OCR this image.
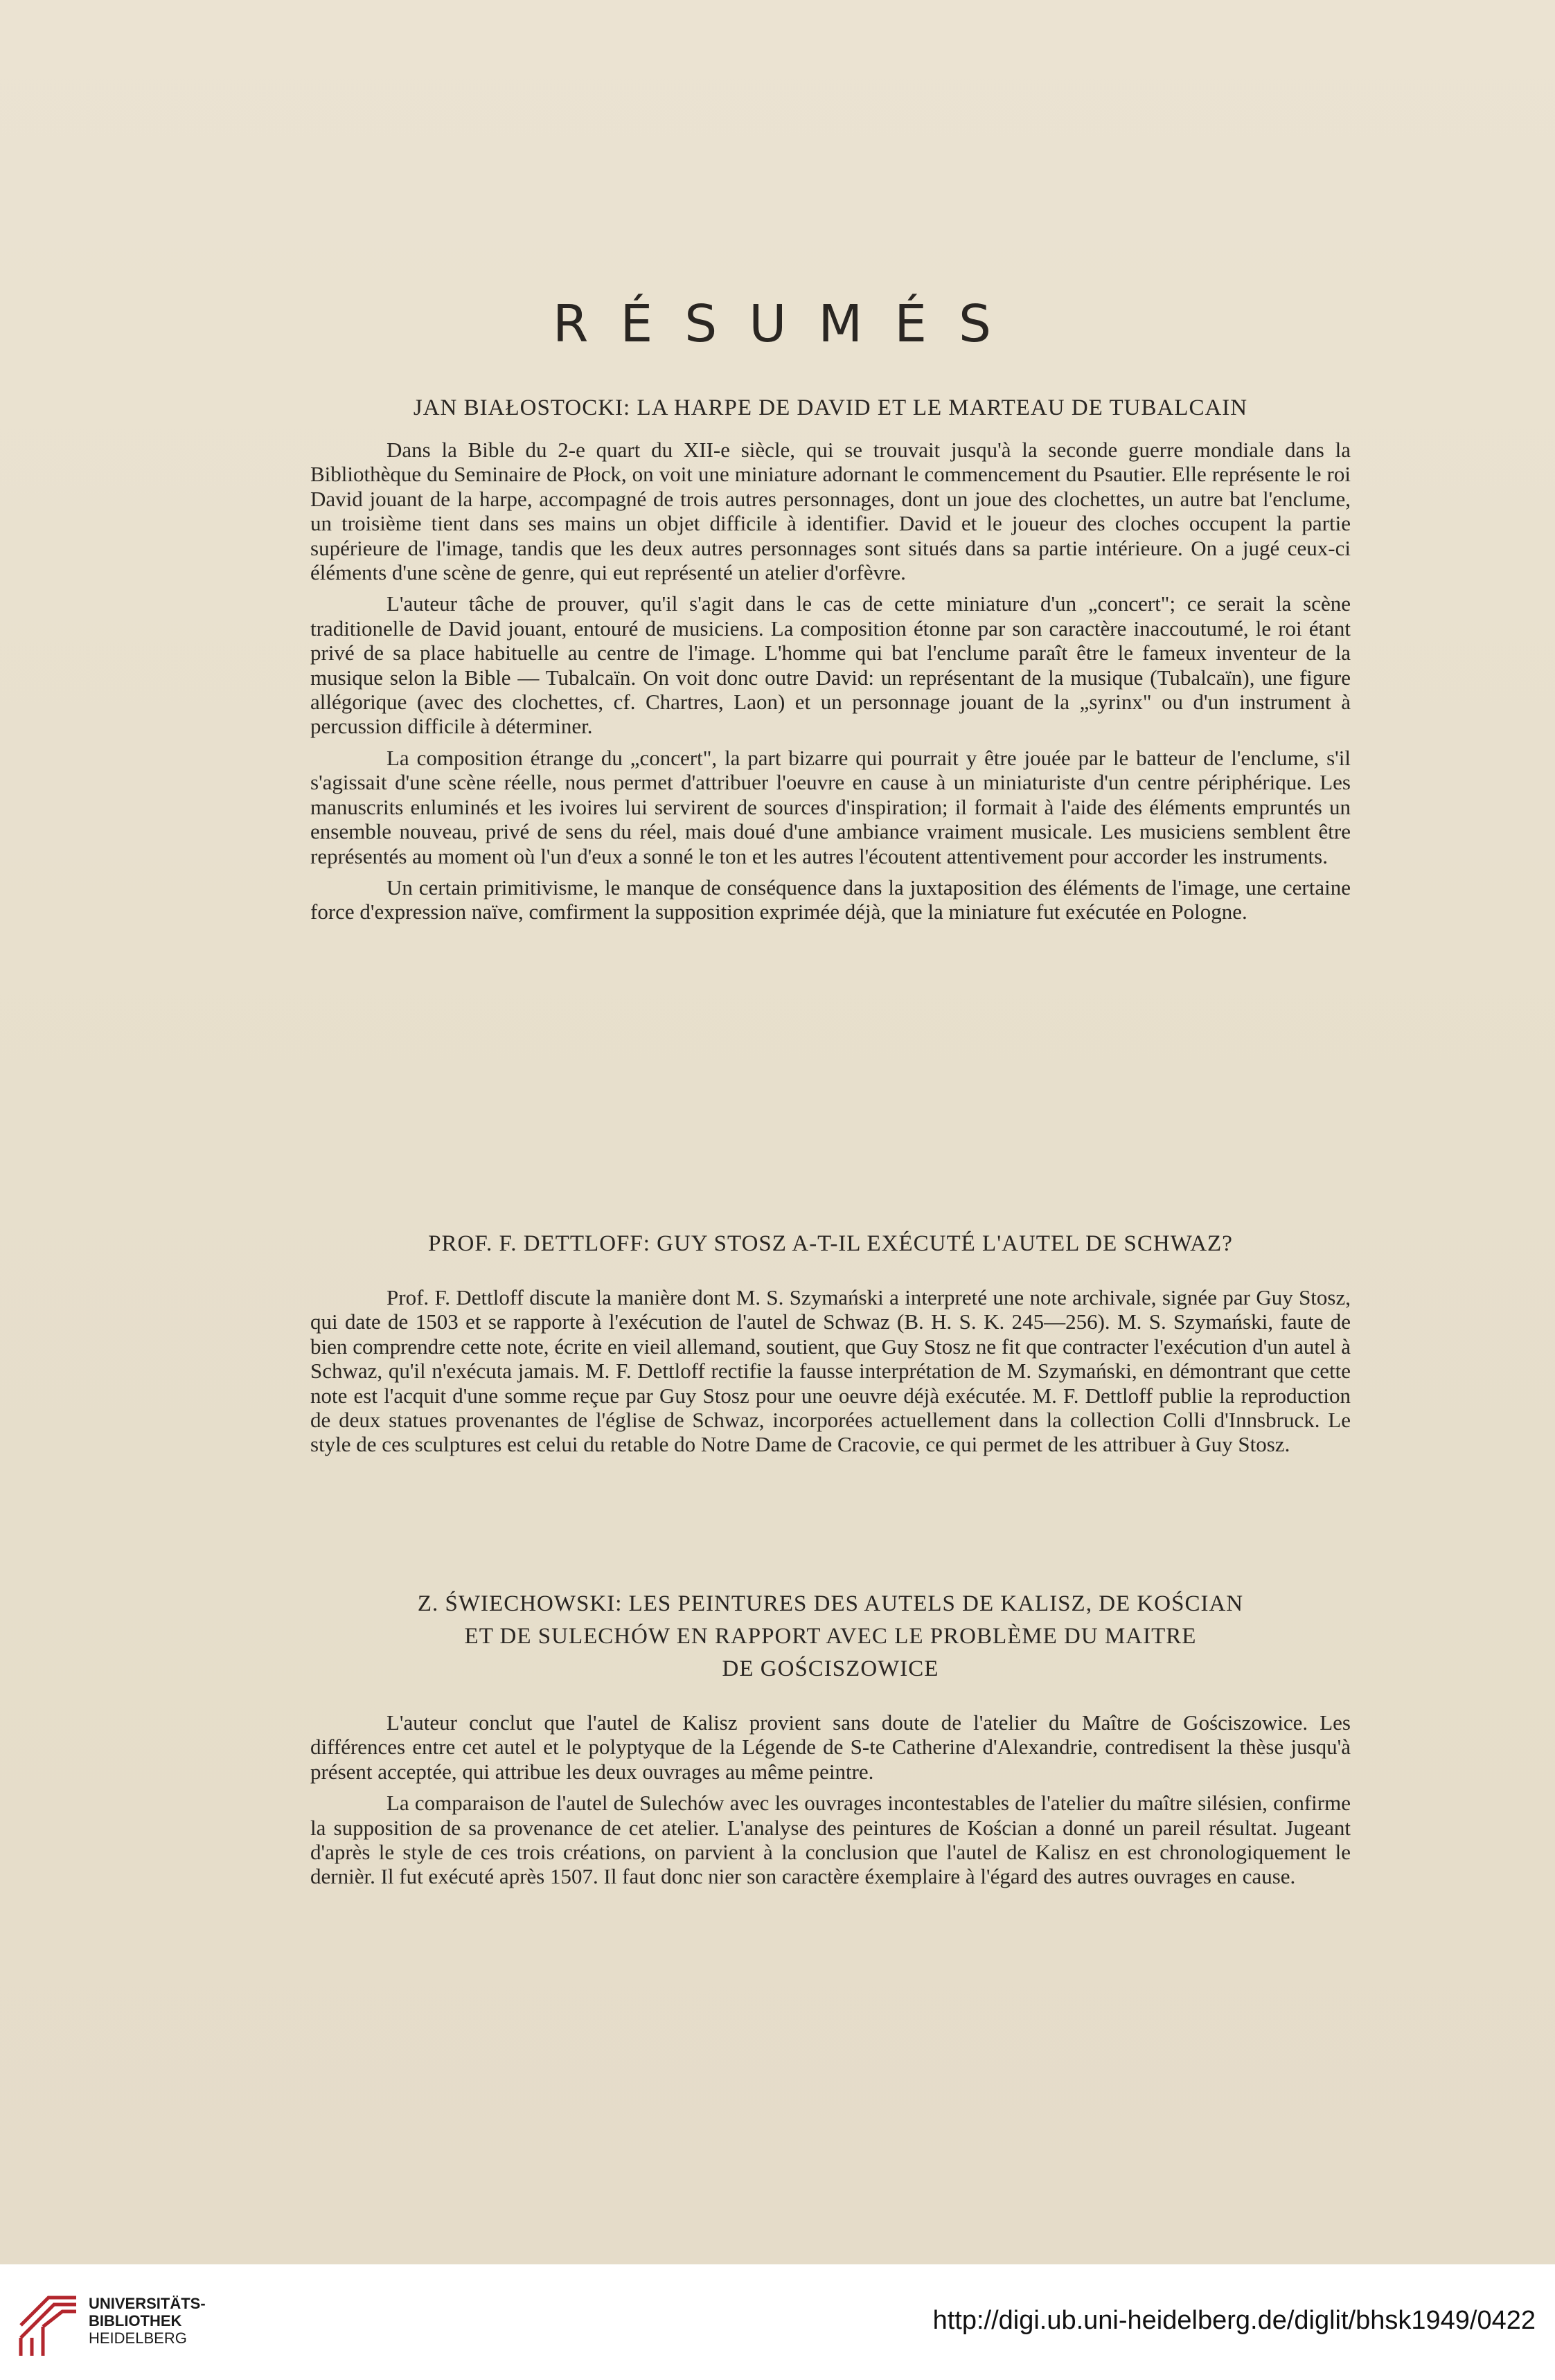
RÉSUMÉS
JAN BIAŁOSTOCKI: LA HARPE DE DAVID ET LE MARTEAU DE TUBALCAIN

Dans la Bible du 2-e quart du XII-e siècle, qui se trouvait jusqu'à la seconde guerre mondiale dans la Bibliothèque du Seminaire de Płock, on voit une miniature adornant le commencement du Psautier. Elle représente le roi David jouant de la harpe, accompagné de trois autres personnages, dont un joue des clochettes, un autre bat l'enclume, un troisième tient dans ses mains un objet difficile à identifier. David et le joueur des cloches occupent la partie supérieure de l'image, tandis que les deux autres personnages sont situés dans sa partie intérieure. On a jugé ceux-ci éléments d'une scène de genre, qui eut représenté un atelier d'orfèvre.

L'auteur tâche de prouver, qu'il s'agit dans le cas de cette miniature d'un „concert"; ce serait la scène traditionelle de David jouant, entouré de musiciens. La composition étonne par son caractère inaccoutumé, le roi étant privé de sa place habituelle au centre de l'image. L'homme qui bat l'enclume paraît être le fameux inventeur de la musique selon la Bible — Tubalcaïn. On voit donc outre David: un représentant de la musique (Tubalcaïn), une figure allégorique (avec des clochettes, cf. Chartres, Laon) et un personnage jouant de la „syrinx" ou d'un instrument à percussion difficile à déterminer.

La composition étrange du „concert", la part bizarre qui pourrait y être jouée par le batteur de l'enclume, s'il s'agissait d'une scène réelle, nous permet d'attribuer l'oeuvre en cause à un miniaturiste d'un centre périphérique. Les manuscrits enluminés et les ivoires lui servirent de sources d'inspiration; il formait à l'aide des éléments empruntés un ensemble nouveau, privé de sens du réel, mais doué d'une ambiance vraiment musicale. Les musiciens semblent être représentés au moment où l'un d'eux a sonné le ton et les autres l'écoutent attentivement pour accorder les instruments.

Un certain primitivisme, le manque de conséquence dans la juxtaposition des éléments de l'image, une certaine force d'expression naïve, comfirment la supposition exprimée déjà, que la miniature fut exécutée en Pologne.

PROF. F. DETTLOFF: GUY STOSZ A-T-IL EXÉCUTÉ L'AUTEL DE SCHWAZ?

Prof. F. Dettloff discute la manière dont M. S. Szymański a interpreté une note archivale, signée par Guy Stosz, qui date de 1503 et se rapporte à l'exécution de l'autel de Schwaz (B. H. S. K. 245—256). M. S. Szymański, faute de bien comprendre cette note, écrite en vieil allemand, soutient, que Guy Stosz ne fit que contracter l'exécution d'un autel à Schwaz, qu'il n'exécuta jamais. M. F. Dettloff rectifie la fausse interprétation de M. Szymański, en démontrant que cette note est l'acquit d'une somme reçue par Guy Stosz pour une oeuvre déjà exécutée. M. F. Dettloff publie la reproduction de deux statues provenantes de l'église de Schwaz, incorporées actuellement dans la collection Colli d'Innsbruck. Le style de ces sculptures est celui du retable do Notre Dame de Cracovie, ce qui permet de les attribuer à Guy Stosz.

Z. ŚWIECHOWSKI: LES PEINTURES DES AUTELS DE KALISZ, DE KOŚCIAN
ET DE SULECHÓW EN RAPPORT AVEC LE PROBLÈME DU MAITRE
DE GOŚCISZOWICE

L'auteur conclut que l'autel de Kalisz provient sans doute de l'atelier du Maître de Gościszowice. Les différences entre cet autel et le polyptyque de la Légende de S-te Catherine d'Alexandrie, contredisent la thèse jusqu'à présent acceptée, qui attribue les deux ouvrages au même peintre.

La comparaison de l'autel de Sulechów avec les ouvrages incontestables de l'atelier du maître silésien, confirme la supposition de sa provenance de cet atelier. L'analyse des peintures de Kościan a donné un pareil résultat. Jugeant d'après le style de ces trois créations, on parvient à la conclusion que l'autel de Kalisz en est chronologiquement le dernièr. Il fut exécuté après 1507. Il faut donc nier son caractère éxemplaire à l'égard des autres ouvrages en cause.

UNIVERSITÄTS-
BIBLIOTHEK
HEIDELBERG
http://digi.ub.uni-heidelberg.de/diglit/bhsk1949/0422
